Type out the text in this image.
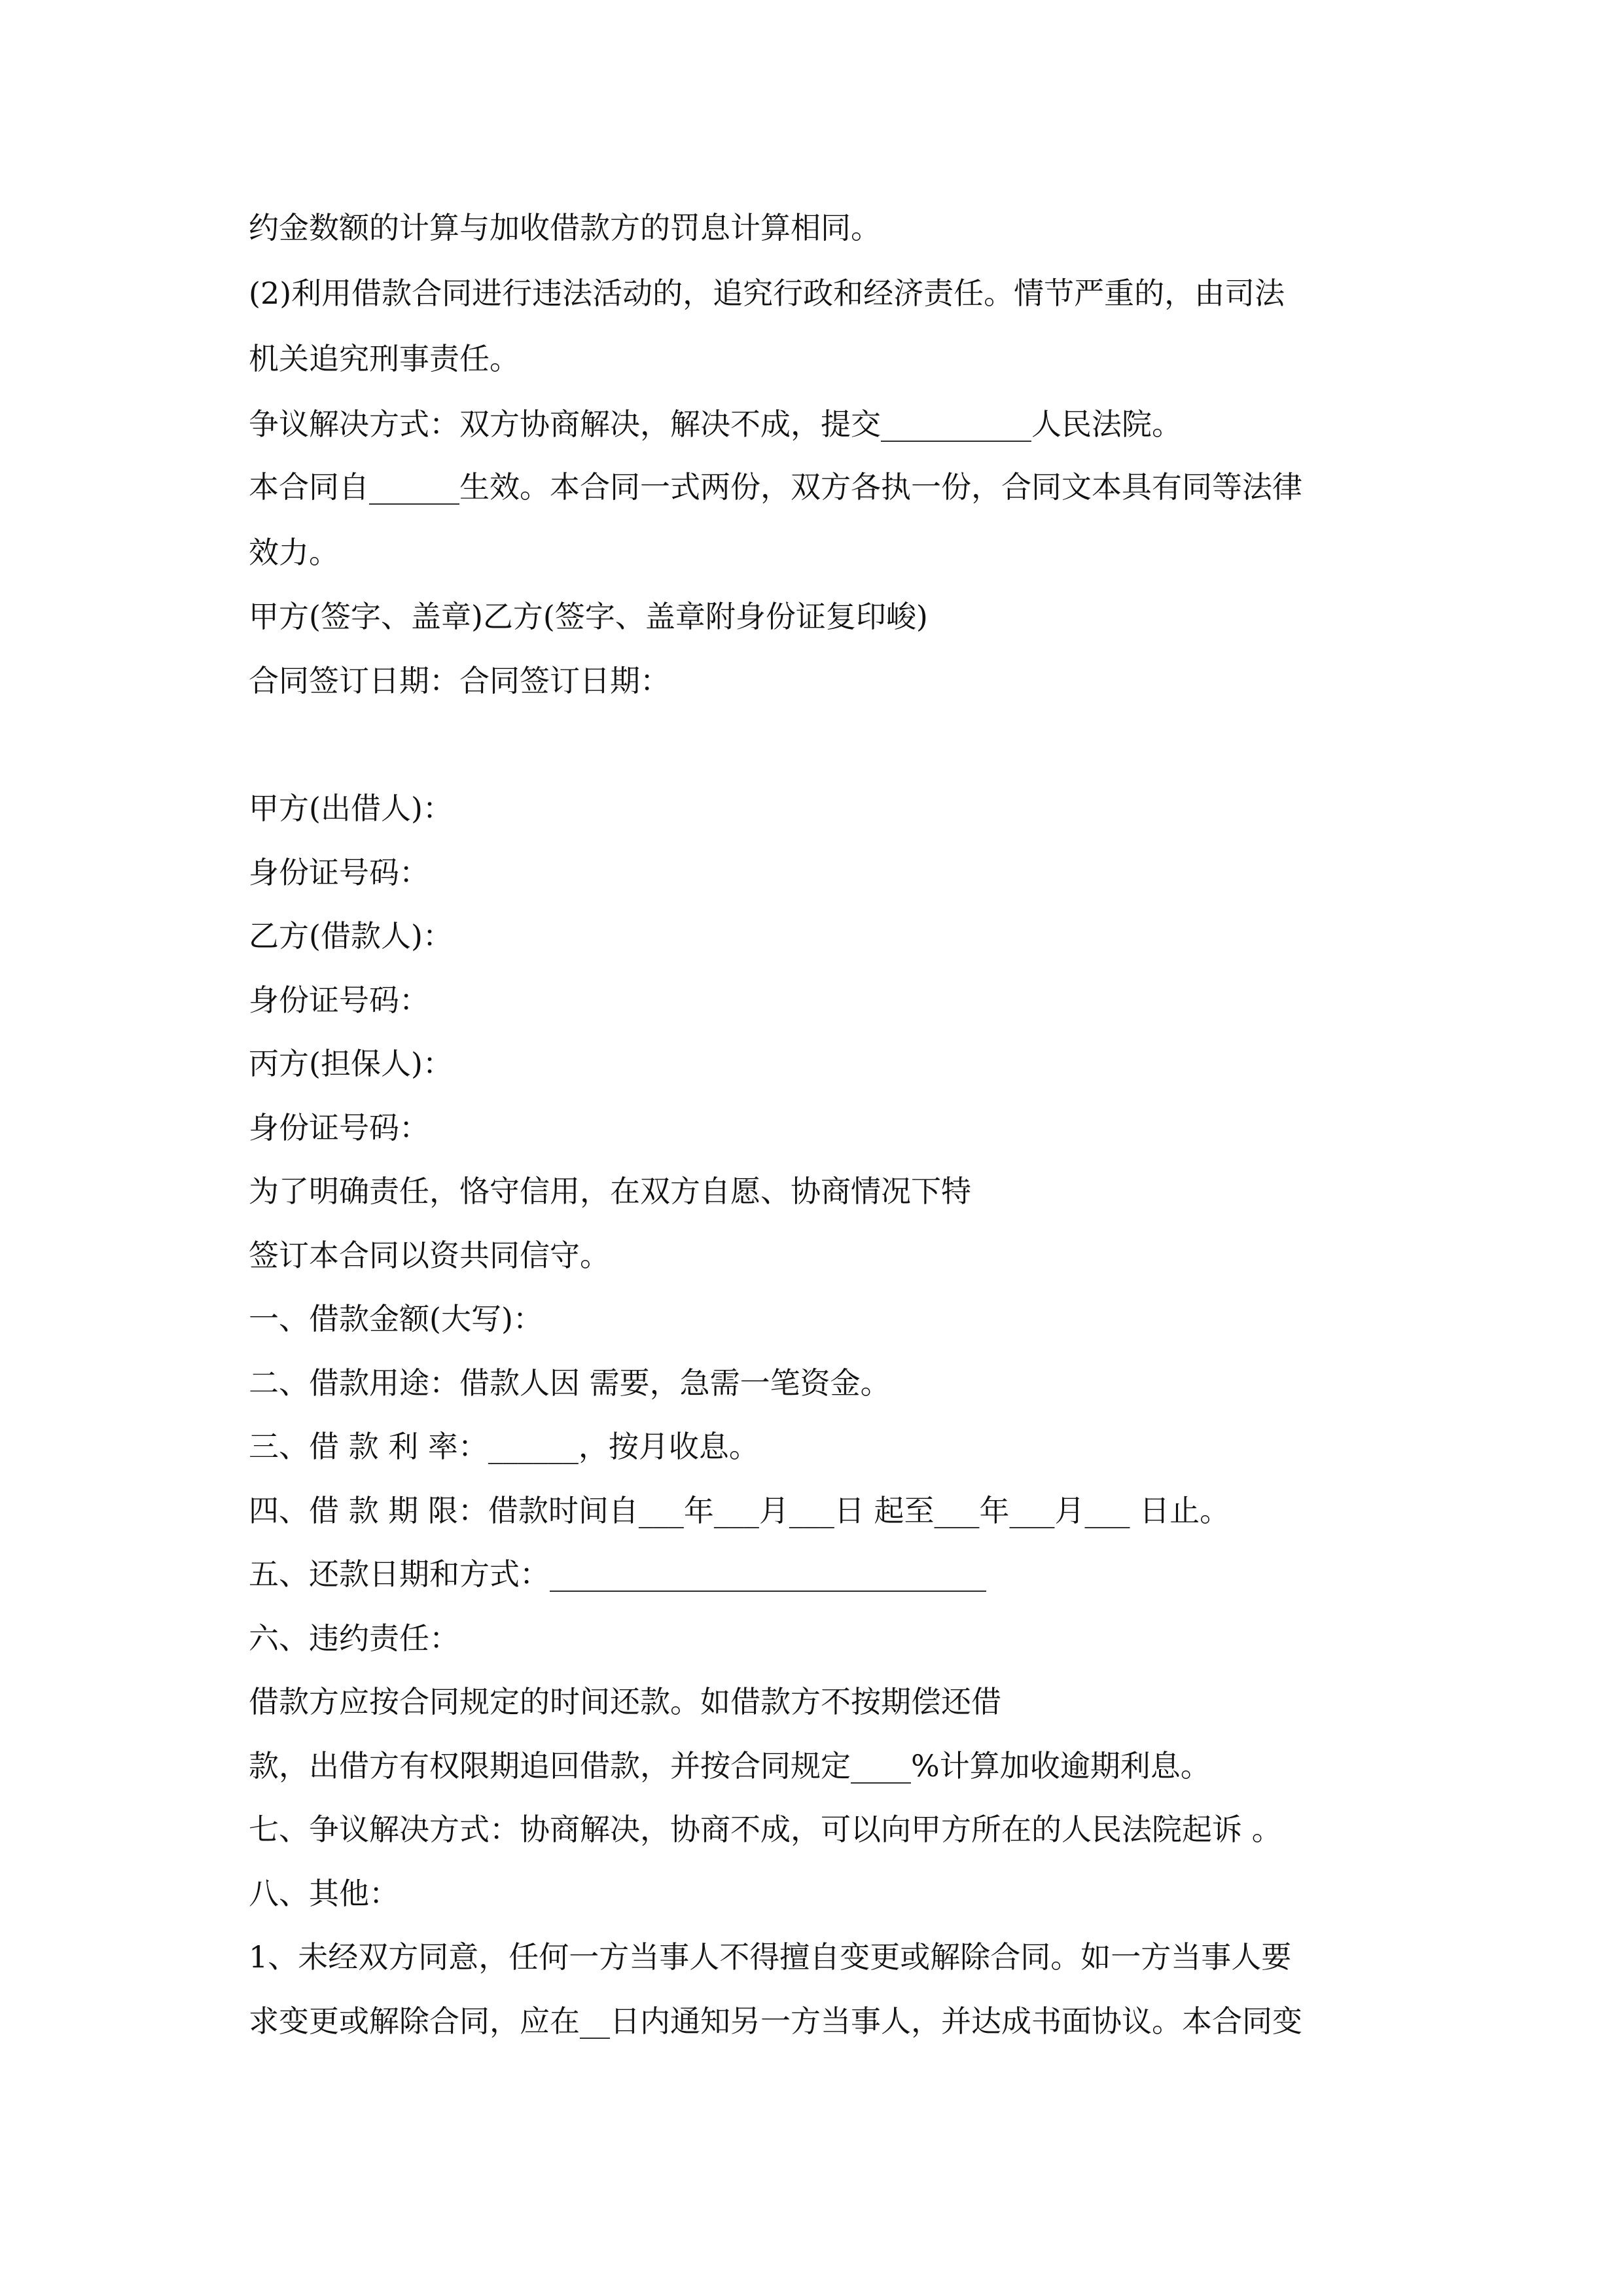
约金数额的计算与加收借款方的罚息计算相同。
(2)利用借款合同进行违法活动的，追究行政和经济责任。情节严重的，由司法
机关追究刑事责任。
争议解决方式：双方协商解决，解决不成，提交__________人民法院。
本合同自______生效。本合同一式两份，双方各执一份，合同文本具有同等法律
效力。
甲方(签字、盖章)乙方(签字、盖章附身份证复印峻)
合同签订日期：合同签订日期：
甲方(出借人)：
身份证号码：
乙方(借款人)：
身份证号码：
丙方(担保人)：
身份证号码：
为了明确责任，恪守信用，在双方自愿、协商情况下特
签订本合同以资共同信守。
一、借款金额(大写)：
二、借款用途：借款人因 需要，急需一笔资金。
三、借 款 利 率：______，按月收息。
四、借 款 期 限：借款时间自___年___月___日 起至___年___月___ 日止。
五、还款日期和方式：_____________________________
六、违约责任：
借款方应按合同规定的时间还款。如借款方不按期偿还借
款，出借方有权限期追回借款，并按合同规定____%计算加收逾期利息。
七、争议解决方式：协商解决，协商不成，可以向甲方所在的人民法院起诉 。
八、其他：
1、未经双方同意，任何一方当事人不得擅自变更或解除合同。如一方当事人要
求变更或解除合同，应在__日内通知另一方当事人，并达成书面协议。本合同变
